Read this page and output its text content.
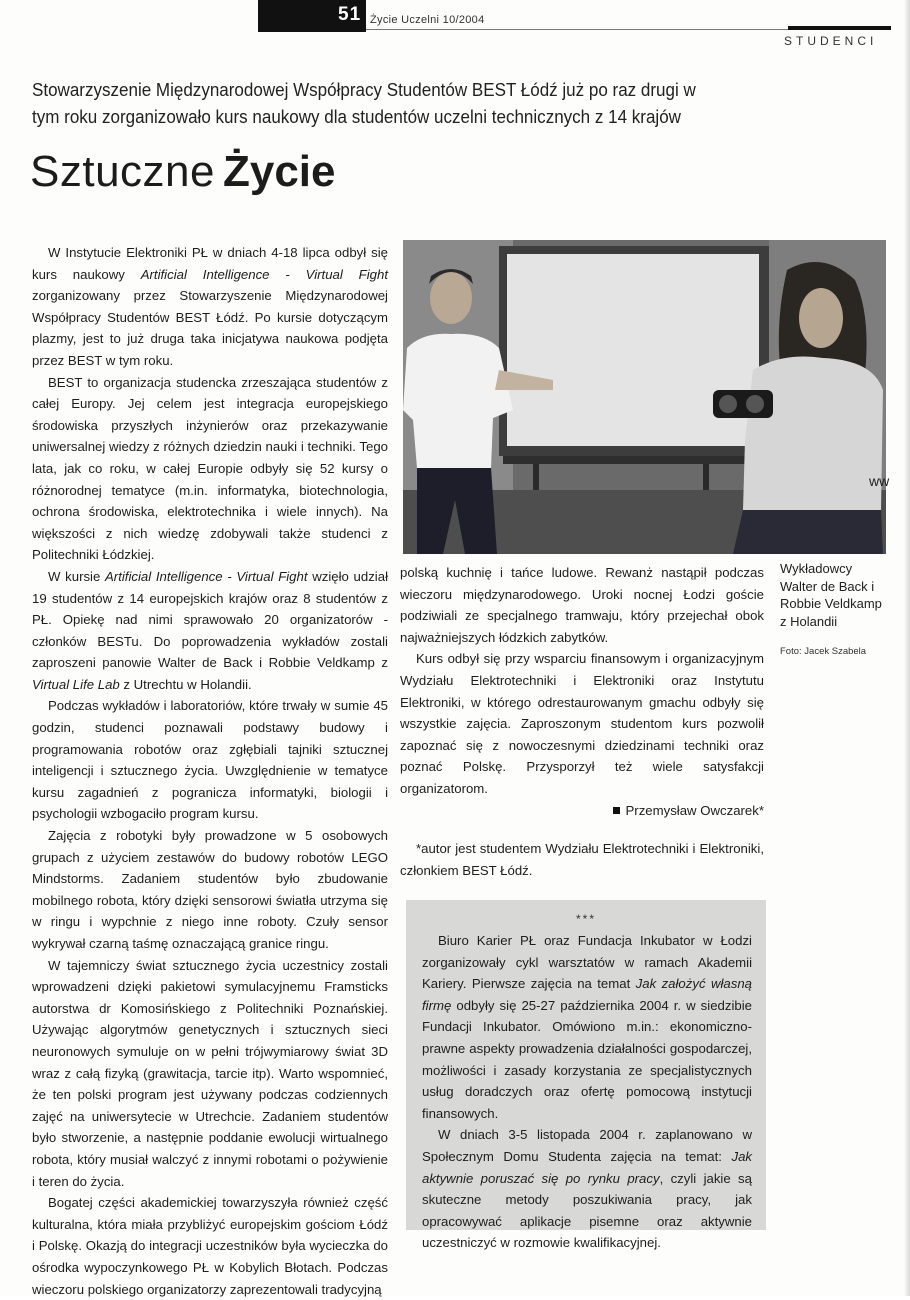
51 Życie Uczelni 10/2004
STUDENCI
Stowarzyszenie Międzynarodowej Współpracy Studentów BEST Łódź już po raz drugi w tym roku zorganizowało kurs naukowy dla studentów uczelni technicznych z 14 krajów
Sztuczne Życie

W Instytucie Elektroniki PŁ w dniach 4-18 lipca odbył się kurs naukowy Artificial Intelligence - Virtual Fight zorganizowany przez Stowarzyszenie Międzynarodowej Współpracy Studentów BEST Łódź. Po kursie dotyczącym plazmy, jest to już druga taka inicjatywa naukowa podjęta przez BEST w tym roku.

BEST to organizacja studencka zrzeszająca studentów z całej Europy. Jej celem jest integracja europejskiego środowiska przyszłych inżynierów oraz przekazywanie uniwersalnej wiedzy z różnych dziedzin nauki i techniki. Tego lata, jak co roku, w całej Europie odbyły się 52 kursy o różnorodnej tematyce (m.in. informatyka, biotechnologia, ochrona środowiska, elektrotechnika i wiele innych). Na większości z nich wiedzę zdobywali także studenci z Politechniki Łódzkiej.

W kursie Artificial Intelligence - Virtual Fight wzięło udział 19 studentów z 14 europejskich krajów oraz 8 studentów z PŁ. Opiekę nad nimi sprawowało 20 organizatorów - członków BESTu. Do poprowadzenia wykładów zostali zaproszeni panowie Walter de Back i Robbie Veldkamp z Virtual Life Lab z Utrechtu w Holandii.

Podczas wykładów i laboratoriów, które trwały w sumie 45 godzin, studenci poznawali podstawy budowy i programowania robotów oraz zgłębiali tajniki sztucznej inteligencji i sztucznego życia. Uwzględnienie w tematyce kursu zagadnień z pogranicza informatyki, biologii i psychologii wzbogaciło program kursu.

Zajęcia z robotyki były prowadzone w 5 osobowych grupach z użyciem zestawów do budowy robotów LEGO Mindstorms. Zadaniem studentów było zbudowanie mobilnego robota, który dzięki sensorowi światła utrzyma się w ringu i wypchnie z niego inne roboty. Czuły sensor wykrywał czarną taśmę oznaczającą granice ringu.

W tajemniczy świat sztucznego życia uczestnicy zostali wprowadzeni dzięki pakietowi symulacyjnemu Framsticks autorstwa dr Komosińskiego z Politechniki Poznańskiej. Używając algorytmów genetycznych i sztucznych sieci neuronowych symuluje on w pełni trójwymiarowy świat 3D wraz z całą fizyką (grawitacja, tarcie itp). Warto wspomnieć, że ten polski program jest używany podczas codziennych zajęć na uniwersytecie w Utrechcie. Zadaniem studentów było stworzenie, a następnie poddanie ewolucji wirtualnego robota, który musiał walczyć z innymi robotami o pożywienie i teren do życia.

Bogatej części akademickiej towarzyszyła również część kulturalna, która miała przybliżyć europejskim gościom Łódź i Polskę. Okazją do integracji uczestników była wycieczka do ośrodka wypoczynkowego PŁ w Kobylich Błotach. Podczas wieczoru polskiego organizatorzy zaprezentowali tradycyjną

ww
Wykładowcy Walter de Back i Robbie Veldkamp z Holandii
Foto: Jacek Szabela

polską kuchnię i tańce ludowe. Rewanż nastąpił podczas wieczoru międzynarodowego. Uroki nocnej Łodzi goście podziwiali ze specjalnego tramwaju, który przejechał obok najważniejszych łódzkich zabytków.

Kurs odbył się przy wsparciu finansowym i organizacyjnym Wydziału Elektrotechniki i Elektroniki oraz Instytutu Elektroniki, w którego odrestaurowanym gmachu odbyły się wszystkie zajęcia. Zaproszonym studentom kurs pozwolił zapoznać się z nowoczesnymi dziedzinami techniki oraz poznać Polskę. Przysporzył też wiele satysfakcji organizatorom.

Przemysław Owczarek*

*autor jest studentem Wydziału Elektrotechniki i Elektroniki, członkiem BEST Łódź.

***

Biuro Karier PŁ oraz Fundacja Inkubator w Łodzi zorganizowały cykl warsztatów w ramach Akademii Kariery. Pierwsze zajęcia na temat Jak założyć własną firmę odbyły się 25-27 października 2004 r. w siedzibie Fundacji Inkubator. Omówiono m.in.: ekonomiczno-prawne aspekty prowadzenia działalności gospodarczej, możliwości i zasady korzystania ze specjalistycznych usług doradczych oraz ofertę pomocową instytucji finansowych.

W dniach 3-5 listopada 2004 r. zaplanowano w Społecznym Domu Studenta zajęcia na temat: Jak aktywnie poruszać się po rynku pracy, czyli jakie są skuteczne metody poszukiwania pracy, jak opracowywać aplikacje pisemne oraz aktywnie uczestniczyć w rozmowie kwalifikacyjnej.
